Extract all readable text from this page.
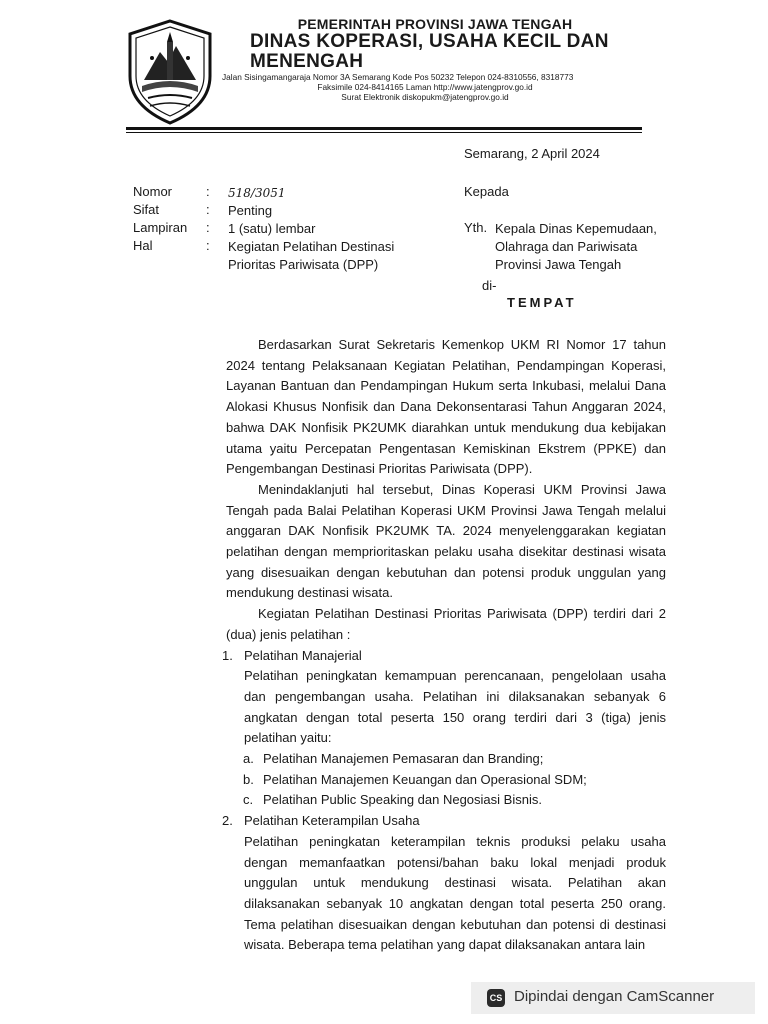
PEMERINTAH PROVINSI JAWA TENGAH
DINAS KOPERASI, USAHA KECIL DAN
MENENGAH
Jalan Sisingamangaraja Nomor 3A Semarang Kode Pos 50232 Telepon 024-8310556, 8318773
Faksimile 024-8414165 Laman http://www.jatengprov.go.id
Surat Elektronik diskopukm@jatengprov.go.id
Semarang, 2 April 2024
Nomor	: 518/3051
Sifat	: Penting
Lampiran	: 1 (satu) lembar
Hal	: Kegiatan Pelatihan Destinasi
Prioritas Pariwisata (DPP)
Kepada
Yth. Kepala Dinas Kepemudaan,
Olahraga dan Pariwisata
Provinsi Jawa Tengah
di-
TEMPAT

Berdasarkan Surat Sekretaris Kemenkop UKM RI Nomor 17 tahun 2024 tentang Pelaksanaan Kegiatan Pelatihan, Pendampingan Koperasi, Layanan Bantuan dan Pendampingan Hukum serta Inkubasi, melalui Dana Alokasi Khusus Nonfisik dan Dana Dekonsentarasi Tahun Anggaran 2024, bahwa DAK Nonfisik PK2UMK diarahkan untuk mendukung dua kebijakan utama yaitu Percepatan Pengentasan Kemiskinan Ekstrem (PPKE) dan Pengembangan Destinasi Prioritas Pariwisata (DPP).

Menindaklanjuti hal tersebut, Dinas Koperasi UKM Provinsi Jawa Tengah pada Balai Pelatihan Koperasi UKM Provinsi Jawa Tengah melalui anggaran DAK Nonfisik PK2UMK TA. 2024 menyelenggarakan kegiatan pelatihan dengan memprioritaskan pelaku usaha disekitar destinasi wisata yang disesuaikan dengan kebutuhan dan potensi produk unggulan yang mendukung destinasi wisata.

Kegiatan Pelatihan Destinasi Prioritas Pariwisata (DPP) terdiri dari 2 (dua) jenis pelatihan :

1. Pelatihan Manajerial
Pelatihan peningkatan kemampuan perencanaan, pengelolaan usaha dan pengembangan usaha. Pelatihan ini dilaksanakan sebanyak 6 angkatan dengan total peserta 150 orang terdiri dari 3 (tiga) jenis pelatihan yaitu:
a. Pelatihan Manajemen Pemasaran dan Branding;
b. Pelatihan Manajemen Keuangan dan Operasional SDM;
c. Pelatihan Public Speaking dan Negosiasi Bisnis.
2. Pelatihan Keterampilan Usaha
Pelatihan peningkatan keterampilan teknis produksi pelaku usaha dengan memanfaatkan potensi/bahan baku lokal menjadi produk unggulan untuk mendukung destinasi wisata. Pelatihan akan dilaksanakan sebanyak 10 angkatan dengan total peserta 250 orang. Tema pelatihan disesuaikan dengan kebutuhan dan potensi di destinasi wisata. Beberapa tema pelatihan yang dapat dilaksanakan antara lain
CS Dipindai dengan CamScanner
